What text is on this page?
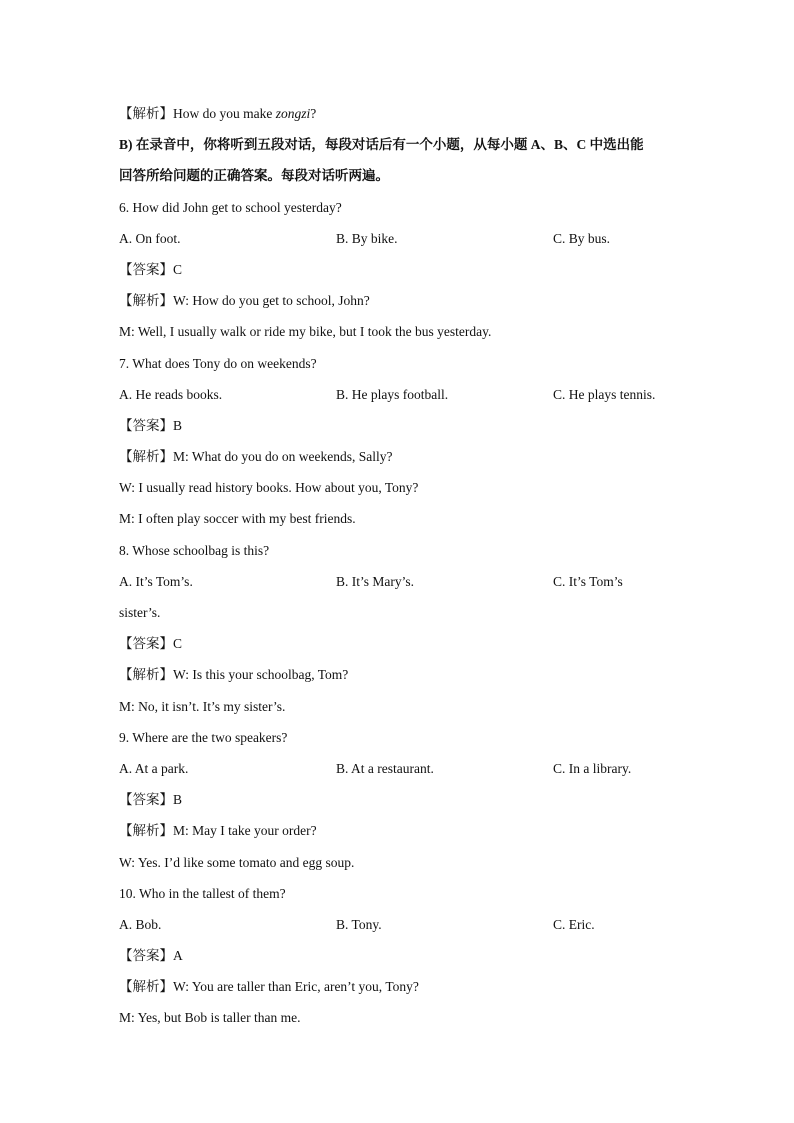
【解析】How do you make zongzi?
B) 在录音中，你将听到五段对话，每段对话后有一个小题，从每小题 A、B、C 中选出能
回答所给问题的正确答案。每段对话听两遍。
6. How did John get to school yesterday?
A. On foot.	B. By bike.	C. By bus.
【答案】C
【解析】W: How do you get to school, John?
M: Well, I usually walk or ride my bike, but I took the bus yesterday.
7. What does Tony do on weekends?
A. He reads books.	B. He plays football.	C. He plays tennis.
【答案】B
【解析】M: What do you do on weekends, Sally?
W: I usually read history books. How about you, Tony?
M: I often play soccer with my best friends.
8. Whose schoolbag is this?
A. It’s Tom’s.	B. It’s Mary’s.	C. It’s Tom’s
sister’s.
【答案】C
【解析】W: Is this your schoolbag, Tom?
M: No, it isn’t. It’s my sister’s.
9. Where are the two speakers?
A. At a park.	B. At a restaurant.	C. In a library.
【答案】B
【解析】M: May I take your order?
W: Yes. I’d like some tomato and egg soup.
10. Who in the tallest of them?
A. Bob.	B. Tony.	C. Eric.
【答案】A
【解析】W: You are taller than Eric, aren’t you, Tony?
M: Yes, but Bob is taller than me.
